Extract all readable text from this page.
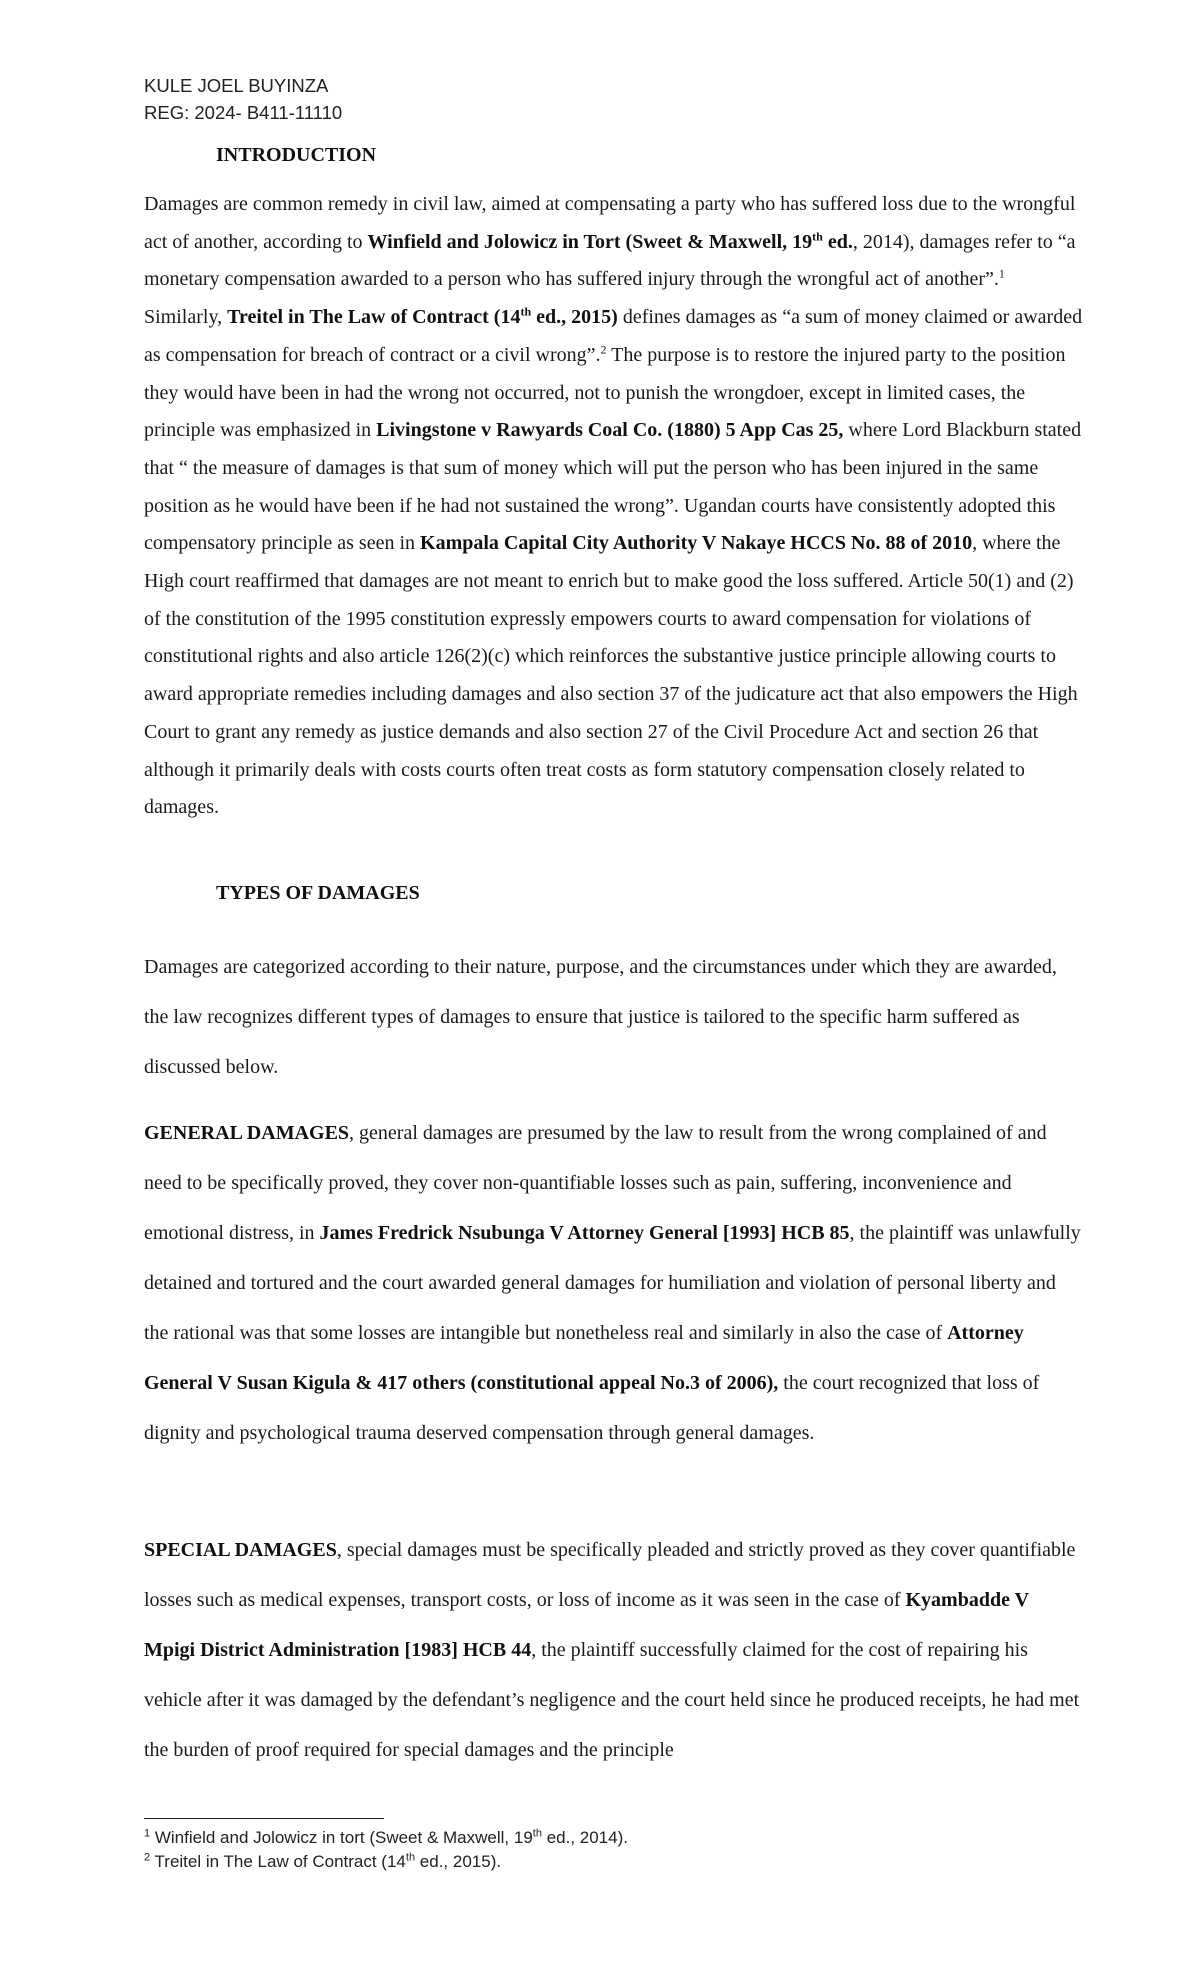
KULE JOEL BUYINZA
REG: 2024- B411-11110
INTRODUCTION
Damages are common remedy in civil law, aimed at compensating a party who has suffered loss due to the wrongful act of another, according to Winfield and Jolowicz in Tort (Sweet & Maxwell, 19th ed., 2014), damages refer to “a monetary compensation awarded to a person who has suffered injury through the wrongful act of another”.$^1$ Similarly, Treitel in The Law of Contract (14th ed., 2015) defines damages as “a sum of money claimed or awarded as compensation for breach of contract or a civil wrong”.$^2$ The purpose is to restore the injured party to the position they would have been in had the wrong not occurred, not to punish the wrongdoer, except in limited cases, the principle was emphasized in Livingstone v Rawyards Coal Co. (1880) 5 App Cas 25, where Lord Blackburn stated that “ the measure of damages is that sum of money which will put the person who has been injured in the same position as he would have been if he had not sustained the wrong”. Ugandan courts have consistently adopted this compensatory principle as seen in Kampala Capital City Authority V Nakaye HCCS No. 88 of 2010, where the High court reaffirmed that damages are not meant to enrich but to make good the loss suffered. Article 50(1) and (2) of the constitution of the 1995 constitution expressly empowers courts to award compensation for violations of constitutional rights and also article 126(2)(c) which reinforces the substantive justice principle allowing courts to award appropriate remedies including damages and also section 37 of the judicature act that also empowers the High Court to grant any remedy as justice demands and also section 27 of the Civil Procedure Act and section 26 that although it primarily deals with costs courts often treat costs as form statutory compensation closely related to damages.
TYPES OF DAMAGES
Damages are categorized according to their nature, purpose, and the circumstances under which they are awarded, the law recognizes different types of damages to ensure that justice is tailored to the specific harm suffered as discussed below.
GENERAL DAMAGES, general damages are presumed by the law to result from the wrong complained of and need to be specifically proved, they cover non-quantifiable losses such as pain, suffering, inconvenience and emotional distress, in James Fredrick Nsubunga V Attorney General [1993] HCB 85, the plaintiff was unlawfully detained and tortured and the court awarded general damages for humiliation and violation of personal liberty and the rational was that some losses are intangible but nonetheless real and similarly in also the case of Attorney General V Susan Kigula & 417 others (constitutional appeal No.3 of 2006), the court recognized that loss of dignity and psychological trauma deserved compensation through general damages.
SPECIAL DAMAGES, special damages must be specifically pleaded and strictly proved as they cover quantifiable losses such as medical expenses, transport costs, or loss of income as it was seen in the case of Kyambadde V Mpigi District Administration [1983] HCB 44, the plaintiff successfully claimed for the cost of repairing his vehicle after it was damaged by the defendant’s negligence and the court held since he produced receipts, he had met the burden of proof required for special damages and the principle
$^1$ Winfield and Jolowicz in tort (Sweet & Maxwell, 19th ed., 2014).
$^2$ Treitel in The Law of Contract (14th ed., 2015).
